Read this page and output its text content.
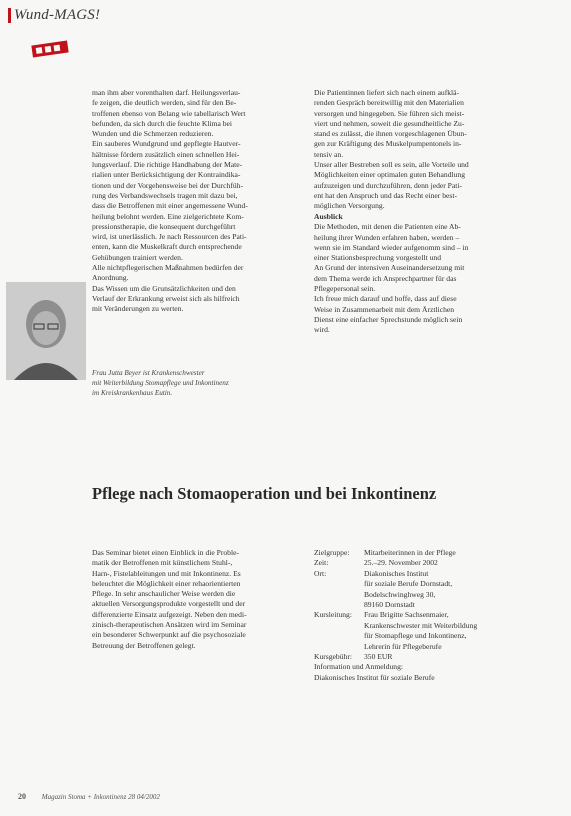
Wund-MAGS!
man ihm aber vorenthalten darf. Heilungsverlau-
fe zeigen, die deutlich werden, sind für den Be-
troffenen ebenso von Belang wie tabellarisch Wert
befunden, da sich durch die feuchte Klima bei
Wunden und die Schmerzen reduzieren.
Ein sauberes Wundgrund und gepflegte Hautver-
hältnisse fördern zusätzlich einen schnellen Hei-
lungsverlauf. Die richtige Handhabung der Mate-
rialien unter Berücksichtigung der Kontraindika-
tionen und der Vorgehensweise bei der Durchfüh-
rung des Verbandswechsels tragen mit dazu bei,
dass die Betroffenen mit einer angemessene Wund-
heilung belohnt werden. Eine zielgerichtete Kom-
pressionstherapie, die konsequent durchgeführt
wird, ist unerlässlich. Je nach Ressourcen des Pati-
enten, kann die Muskelkraft durch entsprechende
Gehübungen trainiert werden.
Alle nichtpflegerischen Maßnahmen bedürfen der
Anordnung.
Das Wissen um die Grunsätzlichkeiten und den
Verlauf der Erkrankung erweist sich als hilfreich
mit Veränderungen zu werten.
Frau Jutta Beyer ist Krankenschwester
mit Weiterbildung Stomapflege und Inkontinenz
im Kreiskrankenhaus Eutin.
Die Patientinnen liefert sich nach einem aufklä-
renden Gespräch bereitwillig mit den Materialien
versorgen und hingegeben. Sie führen sich meist-
viert und nehmen, soweit die gesundheitliche Zu-
stand es zulässt, die ihnen vorgeschlagenen Übun-
gen zur Kräftigung des Muskelpumpentonels in-
tensiv an.
Unser aller Bestreben soll es sein, alle Vorteile und
Möglichkeiten einer optimalen guten Behandlung
aufzuzeigen und durchzuführen, denn jeder Pati-
ent hat den Anspruch und das Recht einer best-
möglichen Versorgung.
Ausblick
Die Methoden, mit denen die Patienten eine Ab-
heilung ihrer Wunden erfahren haben, werden –
wenn sie im Standard wieder aufgenomm sind – in
einer Stationsbesprechung vorgestellt und
An Grund der intensiven Auseinandersetzung mit
dem Thema werde ich Ansprechpartner für das
Pflegepersonal sein.
Ich freue mich darauf und hoffe, dass auf diese
Weise in Zusammenarbeit mit dem Ärztlichen
Dienst eine einfacher Sprechstunde möglich sein
wird.
Pflege nach Stomaoperation und bei Inkontinenz
Das Seminar bietet einen Einblick in die Proble-
matik der Betroffenen mit künstlichem Stuhl-,
Harn-, Fistelableitungen und mit Inkontinenz. Es
beleuchtet die Möglichkeit einer rehaorientierten
Pflege. In sehr anschaulicher Weise werden die
aktuellen Versorgungsprodukte vorgestellt und der
differenzierte Einsatz aufgezeigt. Neben den medi-
zinisch-therapeutischen Ansätzen wird im Seminar
ein besonderer Schwerpunkt auf die psychosoziale
Betreuung der Betroffenen gelegt.
Zielgruppe:	Mitarbeiterinnen in der Pflege
Zeit:	25.–29. November 2002
Ort:	Diakonisches Institut
für soziale Berufe Dornstadt,
Bodelschwinghweg 30,
89160 Dornstadt
Kursleitung:	Frau Brigitte Sachsenmaier,
Krankenschwester mit Weiterbildung
für Stomapflege und Inkontinenz,
Lehrerin für Pflegeberufe
Kursgebühr:	350 EUR
Information und Anmeldung:
Diakonisches Institut für soziale Berufe
20 Magazin Stoma + Inkontinenz 28 04/2002
